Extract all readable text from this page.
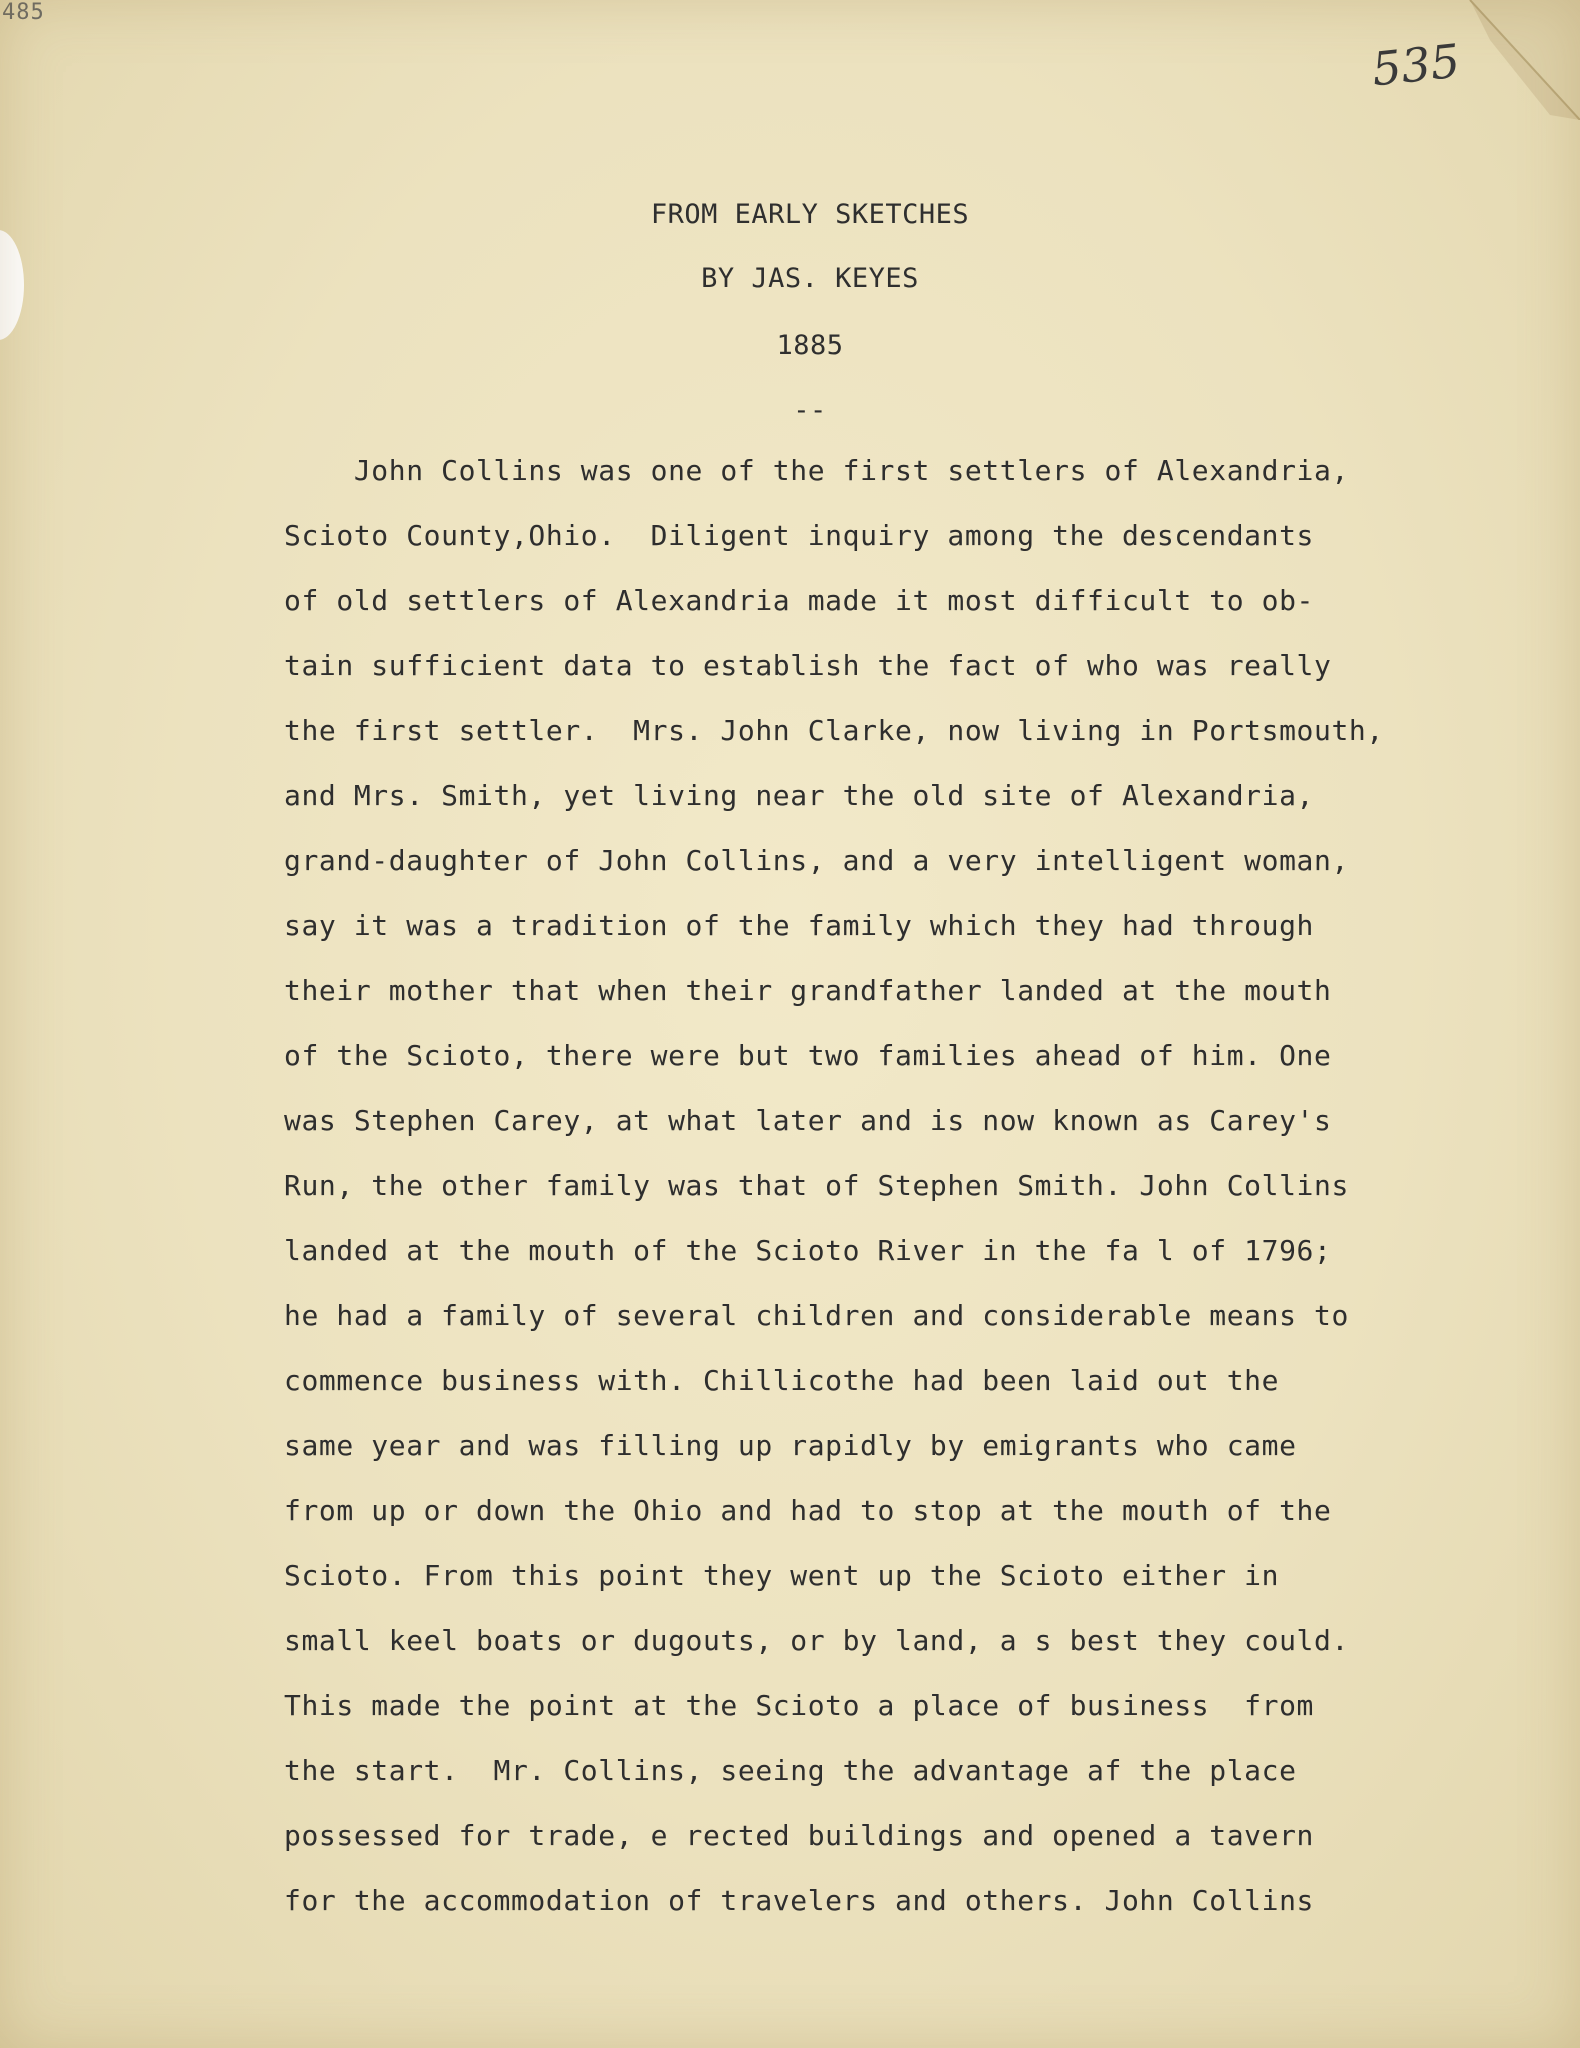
485

535

FROM EARLY SKETCHES

BY JAS. KEYES

1885

--

John Collins was one of the first settlers of Alexandria,

Scioto County,Ohio.  Diligent inquiry among the descendants

of old settlers of Alexandria made it most difficult to ob-

tain sufficient data to establish the fact of who was really

the first settler.  Mrs. John Clarke, now living in Portsmouth,

and Mrs. Smith, yet living near the old site of Alexandria,

grand-daughter of John Collins, and a very intelligent woman,

say it was a tradition of the family which they had through

their mother that when their grandfather landed at the mouth

of the Scioto, there were but two families ahead of him. One

was Stephen Carey, at what later and is now known as Carey's

Run, the other family was that of Stephen Smith. John Collins

landed at the mouth of the Scioto River in the fa l of 1796;

he had a family of several children and considerable means to

commence business with. Chillicothe had been laid out the

same year and was filling up rapidly by emigrants who came

from up or down the Ohio and had to stop at the mouth of the

Scioto. From this point they went up the Scioto either in

small keel boats or dugouts, or by land, a s best they could.

This made the point at the Scioto a place of business  from

the start.  Mr. Collins, seeing the advantage af the place

possessed for trade, e rected buildings and opened a tavern

for the accommodation of travelers and others. John Collins
